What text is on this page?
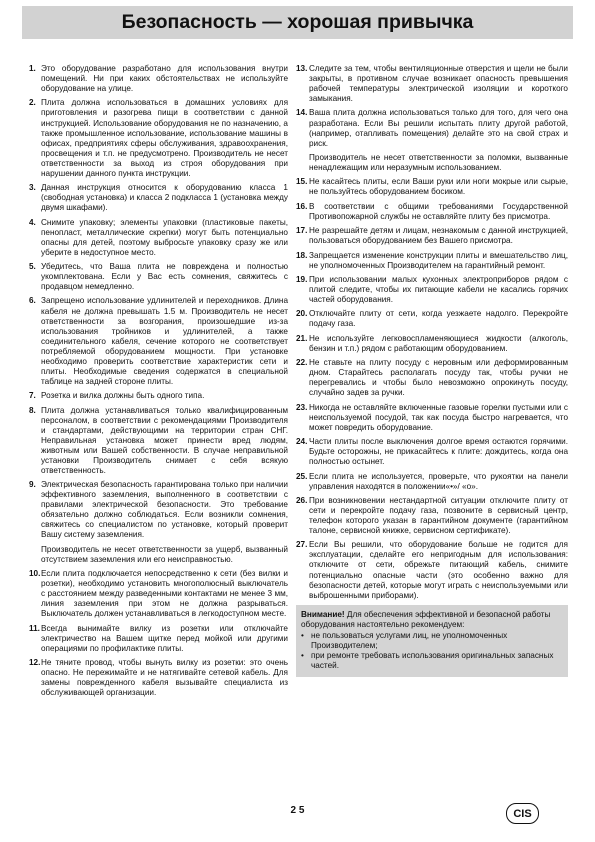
Безопасность — хорошая привычка
1. Это оборудование разработано для использования внутри помещений. Ни при каких обстоятельствах не используйте оборудование на улице.

2. Плита должна использоваться в домашних условиях для приготовления и разогрева пищи в соответствии с данной инструкцией. Использование оборудования не по назначению, а также промышленное использование, использование машины в офисах, предприятиях сферы обслуживания, здравоохранения, просвещения и т.п. не предусмотрено. Производитель не несет ответственности за выход из строя оборудования при нарушении данного пункта инструкции.

3. Данная инструкция относится к оборудованию класса 1 (свободная установка) и класса 2 подкласса 1 (установка между двумя шкафами).

4. Снимите упаковку; элементы упаковки (пластиковые пакеты, пенопласт, металлические скрепки) могут быть потенциально опасны для детей, поэтому выбросьте упаковку сразу же или уберите в недоступное место.

5. Убедитесь, что Ваша плита не повреждена и полностью укомплектована. Если у Вас есть сомнения, свяжитесь с продавцом немедленно.

6. Запрещено использование удлинителей и переходников. Длина кабеля не должна превышать 1.5 м. Производитель не несет ответственности за возгорания, произошедшие из-за использования тройников и удлинителей, а также соединительного кабеля, сечение которого не соответствует потребляемой оборудованием мощности. При установке необходимо проверить соответствие характеристик сети и плиты. Необходимые сведения содержатся в специальной таблице на задней стороне плиты.

7. Розетка и вилка должны быть одного типа.

8. Плита должна устанавливаться только квалифицированным персоналом, в соответствии с рекомендациями Производителя и стандартами, действующими на территории стран СНГ. Неправильная установка может принести вред людям, животным или Вашей собственности. В случае неправильной установки Производитель снимает с себя всякую ответственность.

9. Электрическая безопасность гарантирована только при наличии эффективного заземления, выполненного в соответствии с правилами электрической безопасности. Это требование обязательно должно соблюдаться. Если возникли сомнения, свяжитесь со специалистом по установке, который проверит Вашу систему заземления.

Производитель не несет ответственности за ущерб, вызванный отсутствием заземления или его неисправностью.

10. Если плита подключается непосредственно к сети (без вилки и розетки), необходимо установить многополюсный выключатель с расстоянием между разведенными контактами не менее 3 мм, линия заземления при этом не должна разрываться. Выключатель должен устанавливаться в легкодоступном месте.

11. Всегда вынимайте вилку из розетки или отключайте электричество на Вашем щитке перед мойкой или другими операциями по профилактике плиты.

12. Не тяните провод, чтобы вынуть вилку из розетки: это очень опасно. Не пережимайте и не натягивайте сетевой кабель. Для замены поврежденного кабеля вызывайте специалиста из обслуживающей организации.

13. Следите за тем, чтобы вентиляционные отверстия и щели не были закрыты, в противном случае возникает опасность превышения рабочей температуры электрической изоляции и короткого замыкания.

14. Ваша плита должна использоваться только для того, для чего она разработана. Если Вы решили испытать плиту другой работой, (например, отапливать помещения) делайте это на свой страх и риск.

Производитель не несет ответственности за поломки, вызванные ненадлежащим или неразумным использованием.

15. Не касайтесь плиты, если Ваши руки или ноги мокрые или сырые, не пользуйтесь оборудованием босиком.

16. В соответствии с общими требованиями Государственной Противопожарной службы не оставляйте плиту без присмотра.

17. Не разрешайте детям и лицам, незнакомым с данной инструкцией, пользоваться оборудованием без Вашего присмотра.

18. Запрещается изменение конструкции плиты и вмешательство лиц, не уполномоченных Производителем на гарантийный ремонт.

19. При использовании малых кухонных электроприборов рядом с плитой следите, чтобы их питающие кабели не касались горячих частей оборудования.

20. Отключайте плиту от сети, когда уезжаете надолго. Перекройте подачу газа.

21. Не используйте легковоспламеняющиеся жидкости (алкоголь, бензин и т.п.) рядом с работающим оборудованием.

22. Не ставьте на плиту посуду с неровным или деформированным дном. Старайтесь располагать посуду так, чтобы ручки не перегревались и чтобы было невозможно опрокинуть посуду, случайно задев за ручки.

23. Никогда не оставляйте включенные газовые горелки пустыми или с неиспользуемой посудой, так как посуда быстро нагревается, что может повредить оборудование.

24. Части плиты после выключения долгое время остаются горячими. Будьте осторожны, не прикасайтесь к плите: дождитесь, когда она полностью остынет.

25. Если плита не используется, проверьте, что рукоятки на панели управления находятся в положении«•»/ «o».

26. При возникновении нестандартной ситуации отключите плиту от сети и перекройте подачу газа, позвоните в сервисный центр, телефон которого указан в гарантийном документе (гарантийном талоне, сервисной книжке, сервисном сертификате).

27. Если Вы решили, что оборудование больше не годится для эксплуатации, сделайте его непригодным для использования: отключите от сети, обрежьте питающий кабель, снимите потенциально опасные части (это особенно важно для безопасности детей, которые могут играть с неиспользуемыми или выброшенными приборами).

Внимание! Для обеспечения эффективной и безопасной работы оборудования настоятельно рекомендуем:
• не пользоваться услугами лиц, не уполномоченных Производителем;
• при ремонте требовать использования оригинальных запасных частей.
2 5	CIS
